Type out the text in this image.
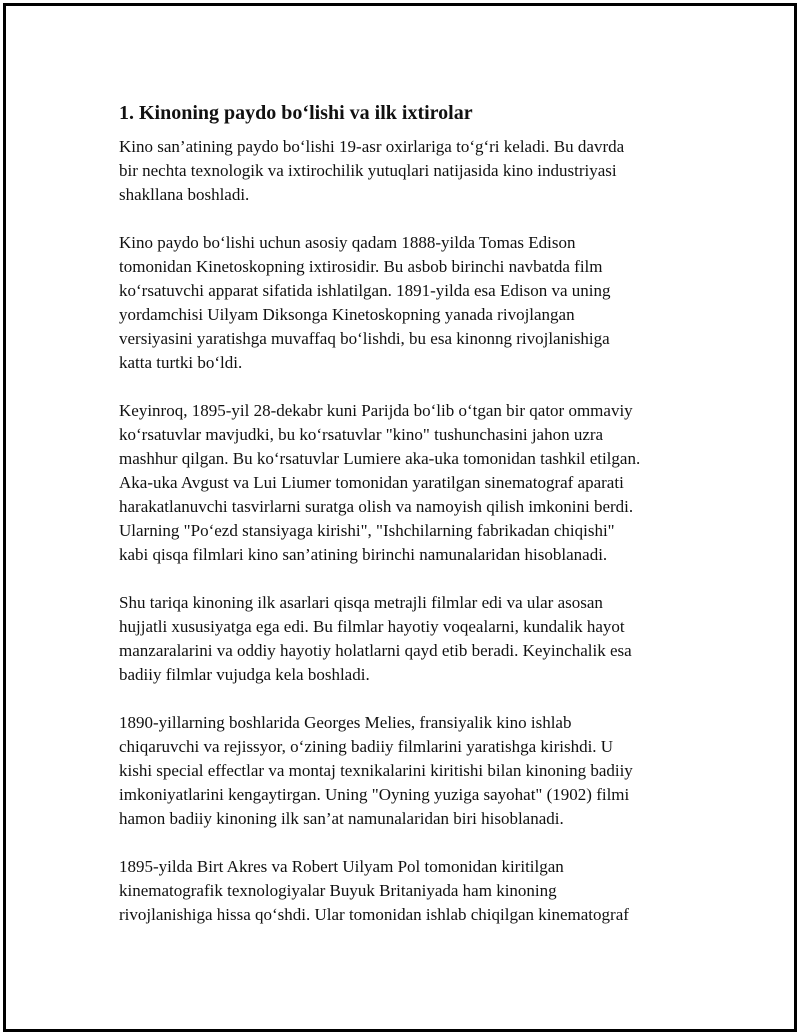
1. Kinoning paydo bo‘lishi va ilk ixtirolar

Kino san’atining paydo bo‘lishi 19-asr oxirlariga to‘g‘ri keladi. Bu davrda
bir nechta texnologik va ixtirochilik yutuqlari natijasida kino industriyasi
shakllana boshladi.

Kino paydo bo‘lishi uchun asosiy qadam 1888-yilda Tomas Edison
tomonidan Kinetoskopning ixtirosidir. Bu asbob birinchi navbatda film
ko‘rsatuvchi apparat sifatida ishlatilgan. 1891-yilda esa Edison va uning
yordamchisi Uilyam Diksonga Kinetoskopning yanada rivojlangan
versiyasini yaratishga muvaffaq bo‘lishdi, bu esa kinonng rivojlanishiga
katta turtki bo‘ldi.

Keyinroq, 1895-yil 28-dekabr kuni Parijda bo‘lib o‘tgan bir qator ommaviy
ko‘rsatuvlar mavjudki, bu ko‘rsatuvlar "kino" tushunchasini jahon uzra
mashhur qilgan. Bu ko‘rsatuvlar Lumiere aka-uka tomonidan tashkil etilgan.
Aka-uka Avgust va Lui Liumer tomonidan yaratilgan sinematograf aparati
harakatlanuvchi tasvirlarni suratga olish va namoyish qilish imkonini berdi.
Ularning "Po‘ezd stansiyaga kirishi", "Ishchilarning fabrikadan chiqishi"
kabi qisqa filmlari kino san’atining birinchi namunalaridan hisoblanadi.

Shu tariqa kinoning ilk asarlari qisqa metrajli filmlar edi va ular asosan
hujjatli xususiyatga ega edi. Bu filmlar hayotiy voqealarni, kundalik hayot
manzaralarini va oddiy hayotiy holatlarni qayd etib beradi. Keyinchalik esa
badiiy filmlar vujudga kela boshladi.

1890-yillarning boshlarida Georges Melies, fransiyalik kino ishlab
chiqaruvchi va rejissyor, o‘zining badiiy filmlarini yaratishga kirishdi. U
kishi special effectlar va montaj texnikalarini kiritishi bilan kinoning badiiy
imkoniyatlarini kengaytirgan. Uning "Oyning yuziga sayohat" (1902) filmi
hamon badiiy kinoning ilk san’at namunalaridan biri hisoblanadi.

1895-yilda Birt Akres va Robert Uilyam Pol tomonidan kiritilgan
kinematografik texnologiyalar Buyuk Britaniyada ham kinoning
rivojlanishiga hissa qo‘shdi. Ular tomonidan ishlab chiqilgan kinematograf
